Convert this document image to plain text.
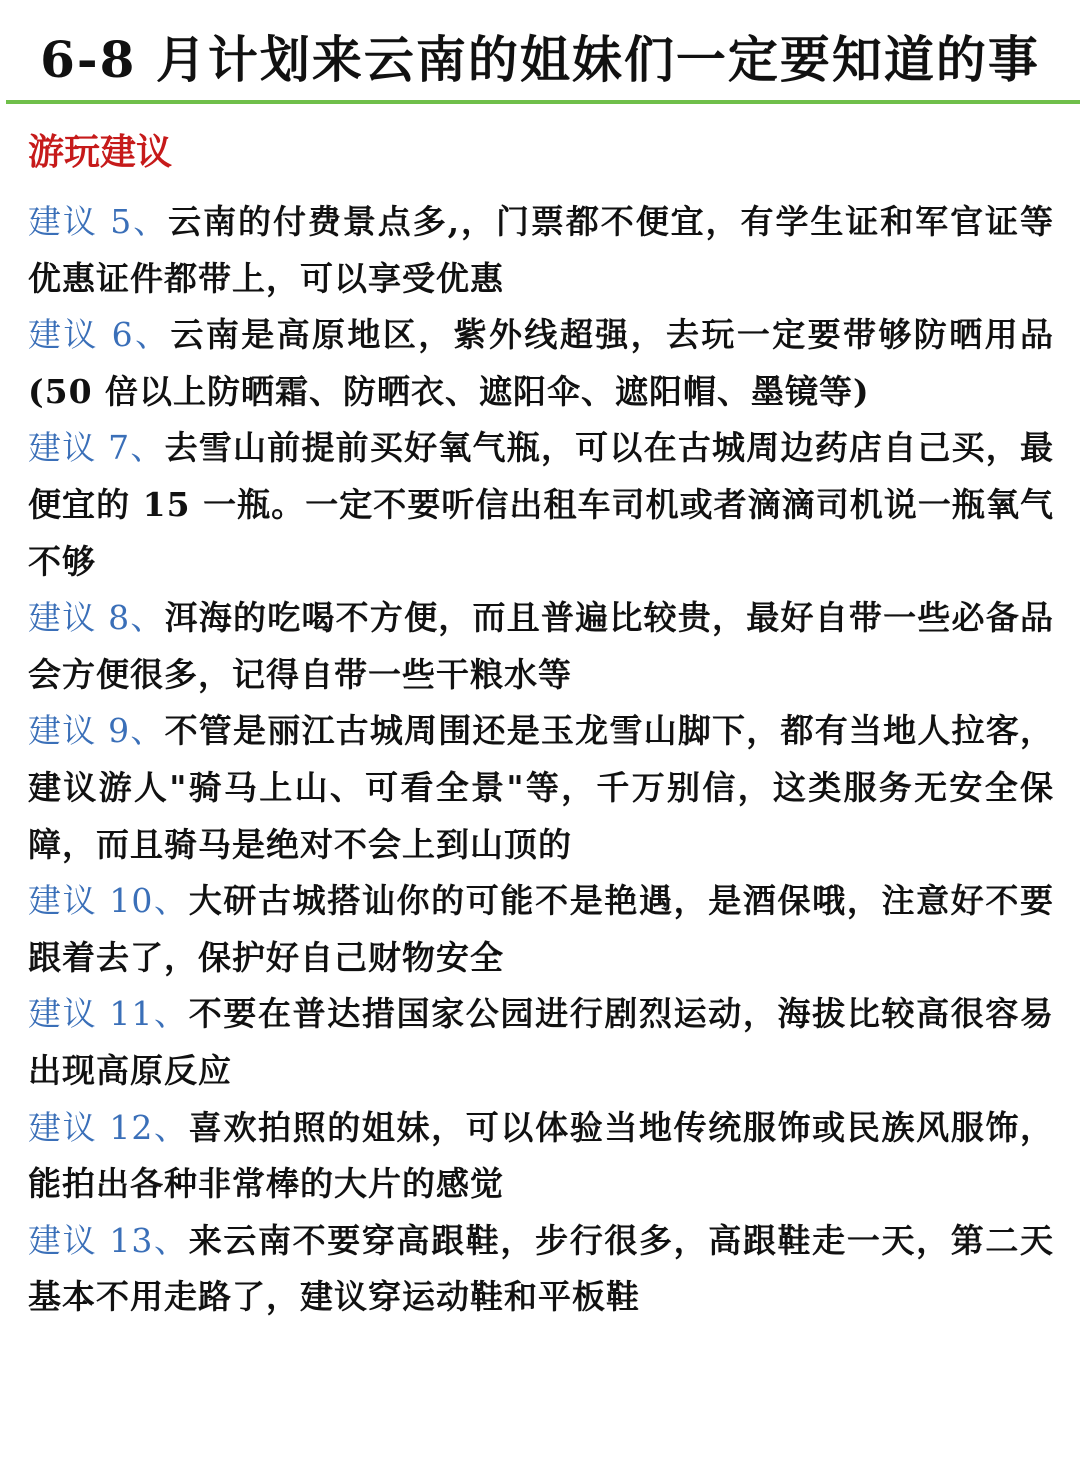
6-8 月计划来云南的姐妹们一定要知道的事
游玩建议

建议 5、云南的付费景点多,，门票都不便宜，有学生证和军官证等优惠证件都带上，可以享受优惠

建议 6、云南是高原地区，紫外线超强，去玩一定要带够防晒用品(50 倍以上防晒霜、防晒衣、遮阳伞、遮阳帽、墨镜等)

建议 7、去雪山前提前买好氧气瓶，可以在古城周边药店自己买，最便宜的 15 一瓶。一定不要听信出租车司机或者滴滴司机说一瓶氧气不够

建议 8、洱海的吃喝不方便，而且普遍比较贵，最好自带一些必备品会方便很多，记得自带一些干粮水等

建议 9、不管是丽江古城周围还是玉龙雪山脚下，都有当地人拉客，建议游人"骑马上山、可看全景"等，千万别信，这类服务无安全保障，而且骑马是绝对不会上到山顶的

建议 10、大研古城搭讪你的可能不是艳遇，是酒保哦，注意好不要跟着去了，保护好自己财物安全

建议 11、不要在普达措国家公园进行剧烈运动，海拔比较高很容易出现高原反应

建议 12、喜欢拍照的姐妹，可以体验当地传统服饰或民族风服饰，能拍出各种非常棒的大片的感觉

建议 13、来云南不要穿高跟鞋，步行很多，高跟鞋走一天，第二天基本不用走路了，建议穿运动鞋和平板鞋
